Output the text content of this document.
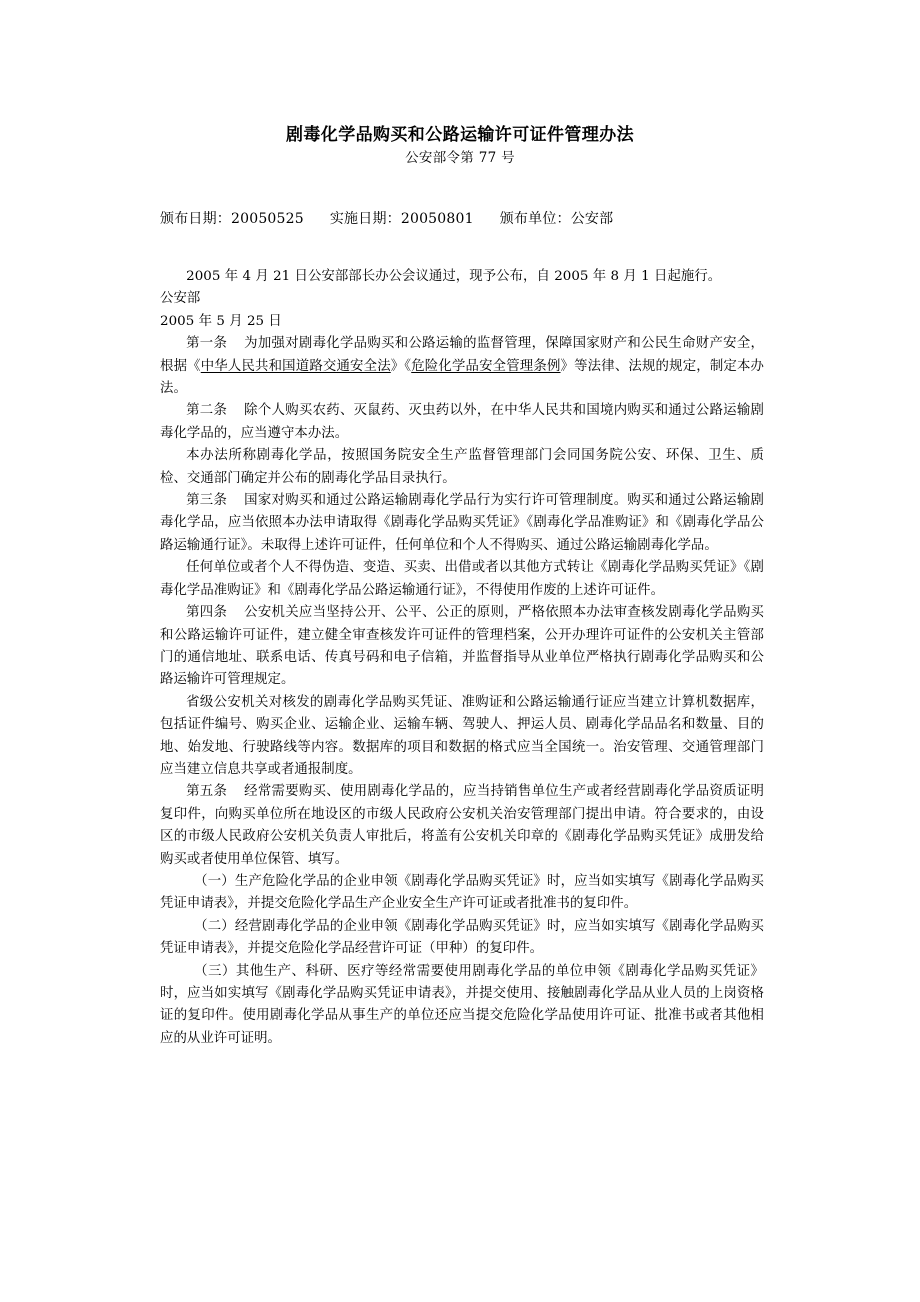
剧毒化学品购买和公路运输许可证件管理办法
公安部令第 77 号
颁布日期：20050525 实施日期：20050801 颁布单位：公安部

2005 年 4 月 21 日公安部部长办公会议通过，现予公布，自 2005 年 8 月 1 日起施行。

公安部

2005 年 5 月 25 日

第一条 为加强对剧毒化学品购买和公路运输的监督管理，保障国家财产和公民生命财产安全，根据《中华人民共和国道路交通安全法》《危险化学品安全管理条例》等法律、法规的规定，制定本办法。

第二条 除个人购买农药、灭鼠药、灭虫药以外，在中华人民共和国境内购买和通过公路运输剧毒化学品的，应当遵守本办法。

本办法所称剧毒化学品，按照国务院安全生产监督管理部门会同国务院公安、环保、卫生、质检、交通部门确定并公布的剧毒化学品目录执行。

第三条 国家对购买和通过公路运输剧毒化学品行为实行许可管理制度。购买和通过公路运输剧毒化学品，应当依照本办法申请取得《剧毒化学品购买凭证》《剧毒化学品准购证》和《剧毒化学品公路运输通行证》。未取得上述许可证件，任何单位和个人不得购买、通过公路运输剧毒化学品。

任何单位或者个人不得伪造、变造、买卖、出借或者以其他方式转让《剧毒化学品购买凭证》《剧毒化学品准购证》和《剧毒化学品公路运输通行证》，不得使用作废的上述许可证件。

第四条 公安机关应当坚持公开、公平、公正的原则，严格依照本办法审查核发剧毒化学品购买和公路运输许可证件，建立健全审查核发许可证件的管理档案，公开办理许可证件的公安机关主管部门的通信地址、联系电话、传真号码和电子信箱，并监督指导从业单位严格执行剧毒化学品购买和公路运输许可管理规定。

省级公安机关对核发的剧毒化学品购买凭证、准购证和公路运输通行证应当建立计算机数据库，包括证件编号、购买企业、运输企业、运输车辆、驾驶人、押运人员、剧毒化学品品名和数量、目的地、始发地、行驶路线等内容。数据库的项目和数据的格式应当全国统一。治安管理、交通管理部门应当建立信息共享或者通报制度。

第五条 经常需要购买、使用剧毒化学品的，应当持销售单位生产或者经营剧毒化学品资质证明复印件，向购买单位所在地设区的市级人民政府公安机关治安管理部门提出申请。符合要求的，由设区的市级人民政府公安机关负责人审批后，将盖有公安机关印章的《剧毒化学品购买凭证》成册发给购买或者使用单位保管、填写。

（一）生产危险化学品的企业申领《剧毒化学品购买凭证》时，应当如实填写《剧毒化学品购买凭证申请表》，并提交危险化学品生产企业安全生产许可证或者批准书的复印件。

（二）经营剧毒化学品的企业申领《剧毒化学品购买凭证》时，应当如实填写《剧毒化学品购买凭证申请表》，并提交危险化学品经营许可证（甲种）的复印件。

（三）其他生产、科研、医疗等经常需要使用剧毒化学品的单位申领《剧毒化学品购买凭证》时，应当如实填写《剧毒化学品购买凭证申请表》，并提交使用、接触剧毒化学品从业人员的上岗资格证的复印件。使用剧毒化学品从事生产的单位还应当提交危险化学品使用许可证、批准书或者其他相应的从业许可证明。
